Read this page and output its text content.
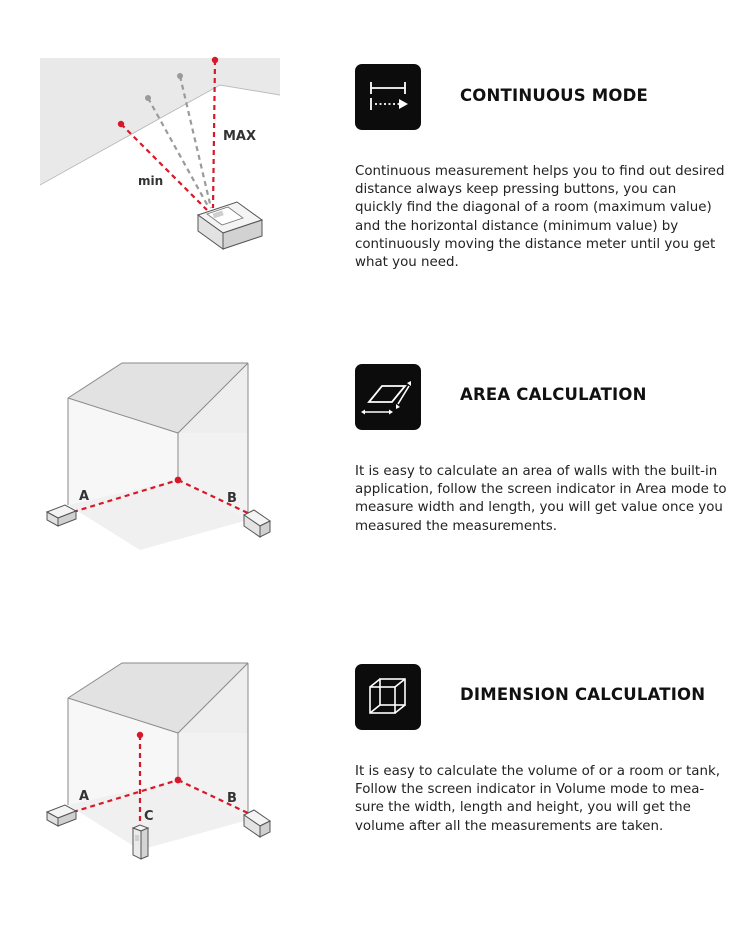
MAX
min
CONTINUOUS MODE

Continuous measurement helps you to find out desired distance always keep pressing buttons, you can quickly find the diagonal of a room (maximum value) and the horizontal distance (minimum value) by continuously moving the distance meter until you get what you need.

A	B
AREA CALCULATION

It is easy to calculate an area of walls with the built-in application, follow the screen indicator in Area mode to measure width and length, you will get value once you measured the measurements.

A	B
C
DIMENSION CALCULATION

It is easy to calculate the volume of or a room or tank, Follow the screen indicator in Volume mode to mea-sure the width, length and height, you will get the volume after all the measurements are taken.
